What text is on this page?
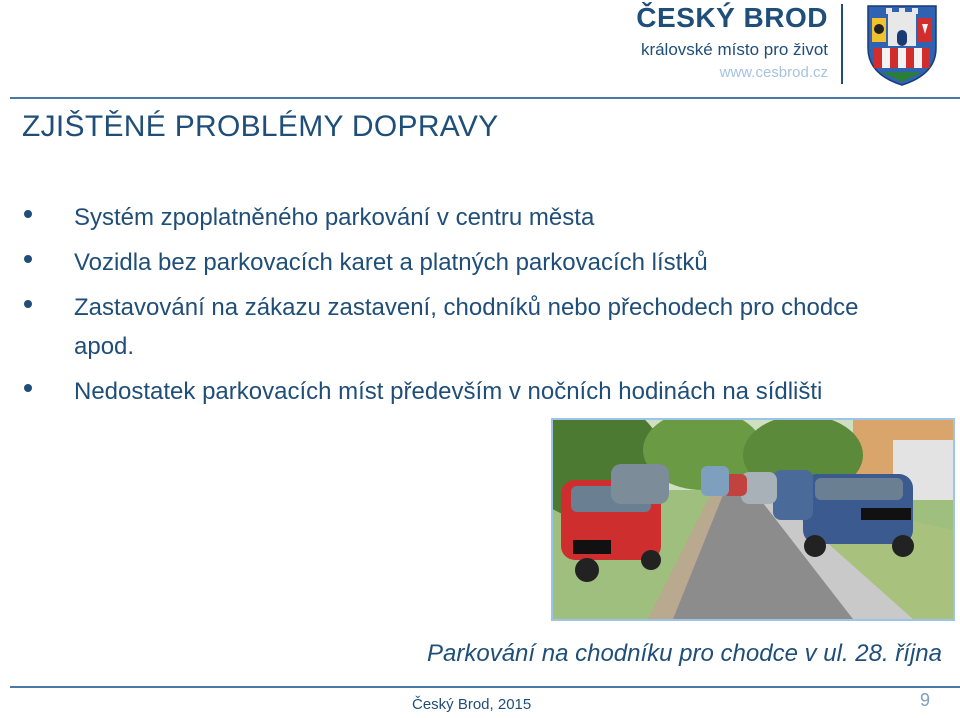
ČESKÝ BROD
královské místo pro život
www.cesbrod.cz
ZJIŠTĚNÉ PROBLÉMY DOPRAVY
Systém zpoplatněného parkování v centru města
Vozidla bez parkovacích karet a platných parkovacích lístků
Zastavování na zákazu zastavení, chodníků nebo přechodech pro chodce apod.
Nedostatek parkovacích míst především v nočních hodinách na sídlišti
Parkování na chodníku pro chodce v ul. 28. října
Český Brod, 2015	9
